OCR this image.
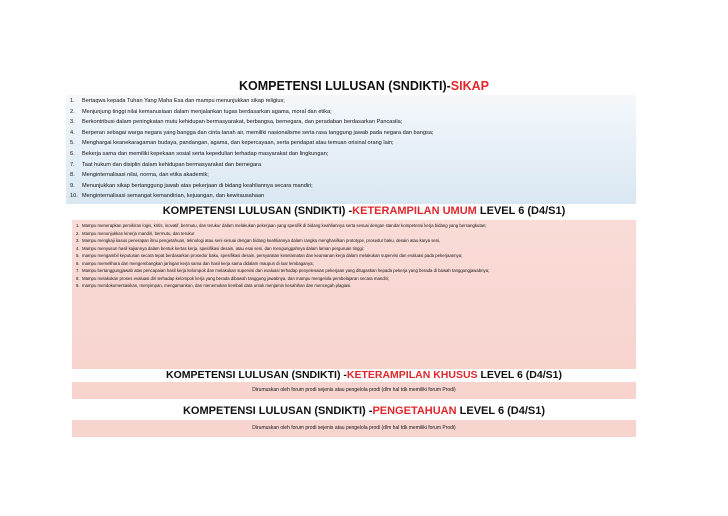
KOMPETENSI LULUSAN (SNDIKTI)-SIKAP
1.	Bertaqwa kepada Tuhan Yang Maha Esa dan mampu menunjukkan sikap religius;
2.	Menjunjung tinggi nilai kemanusiaan dalam menjalankan tugas berdasarkan agama, moral dan etika;
3.	Berkontribusi dalam peningkatan mutu kehidupan bermasyarakat, berbangsa, bernegara, dan peradaban berdasarkan Pancasila;
4.	Berperan sebagai warga negara yang bangga dan cinta tanah air, memiliki nasionalisme serta rasa tanggung jawab pada negara dan bangsa;
5.	Menghargai keanekaragaman budaya, pandangan, agama, dan kepercayaan, serta pendapat atau temuan orisinal orang lain;
6.	Bekerja sama dan memiliki kepekaan sosial serta kepedulian terhadap masyarakat dan lingkungan;
7.	Taat hukum dan disiplin dalam kehidupan bermasyarakat dan bernegara
8.	Menginternalisasi nilai, norma, dan etika akademik;
9.	Menunjukkan sikap bertanggung jawab atas pekerjaan di bidang keahliannya secara mandiri;
10. Menginternalisasi semangat kemandirian, kejuangan, dan kewirausahaan
KOMPETENSI LULUSAN (SNDIKTI) -KETERAMPILAN UMUM LEVEL 6 (D4/S1)
1. Mampu menerapkan pemikiran logis, kritis, inovatif, bermutu, dan terukur dalam melakukan pekerjaan yang spesifik di bidang keahliannya serta sesuai dengan standar kompetensi kerja bidang yang bersangkutan;
2. Mampu menunjukkan kinerja mandiri, bermutu, dan terukur
3. Mampu mengkaji kasus penerapan ilmu pengetahuan, teknologi atau seni sesuai dengan bidang keahliannya dalam rangka menghasilkan prototype, prosedur baku, desain atau karya seni,
4. Mampu menyusun hasil kajiannya dalam bentuk kertas kerja, spesifikasi desain, atau esai seni, dan mengunggahnya dalam laman perguruan tinggi;
5. mampu mengambil keputusan secara tepat berdasarkan prosedur baku, spesifikasi desain, persyaratan keselamatan dan keamanan kerja dalam melakukan supervisi dan evaluasi pada pekerjaannya;
6. mampu memelihara dan mengembangkan jaringan kerja sama dan hasil kerja sama didalam maupun di luar lembaganya;
7. Mampu bertanggungjawab atas pencapaian hasil kerja kelompok dan melakukan supervisi dan evaluasi terhadap penyelesaian pekerjaan yang ditugaskan kepada pekerja yang berada di bawah tanggungjawabnya;
8. Mampu melakukan proses evaluasi diri terhadap kelompok kerja yang berada dibawah tanggung jawabnya, dan mampu mengelola pembelajaran secara mandiri;
9. mampu mendokumentasikan, menyimpan, mengamankan, dan menemukan kembali data untuk menjamin kesahihan dan mencegah plagiasi.
KOMPETENSI LULUSAN (SNDIKTI) -KETERAMPILAN KHUSUS LEVEL 6 (D4/S1)
Dirumuskan oleh forum prodi sejenis atau pengelola prodi (dlm hal tdk memiliki forum Prodi)
KOMPETENSI LULUSAN (SNDIKTI) -PENGETAHUAN LEVEL 6 (D4/S1)
Dirumuskan oleh forum prodi sejenis atau pengelola prodi (dlm hal tdk memiliki forum Prodi)
